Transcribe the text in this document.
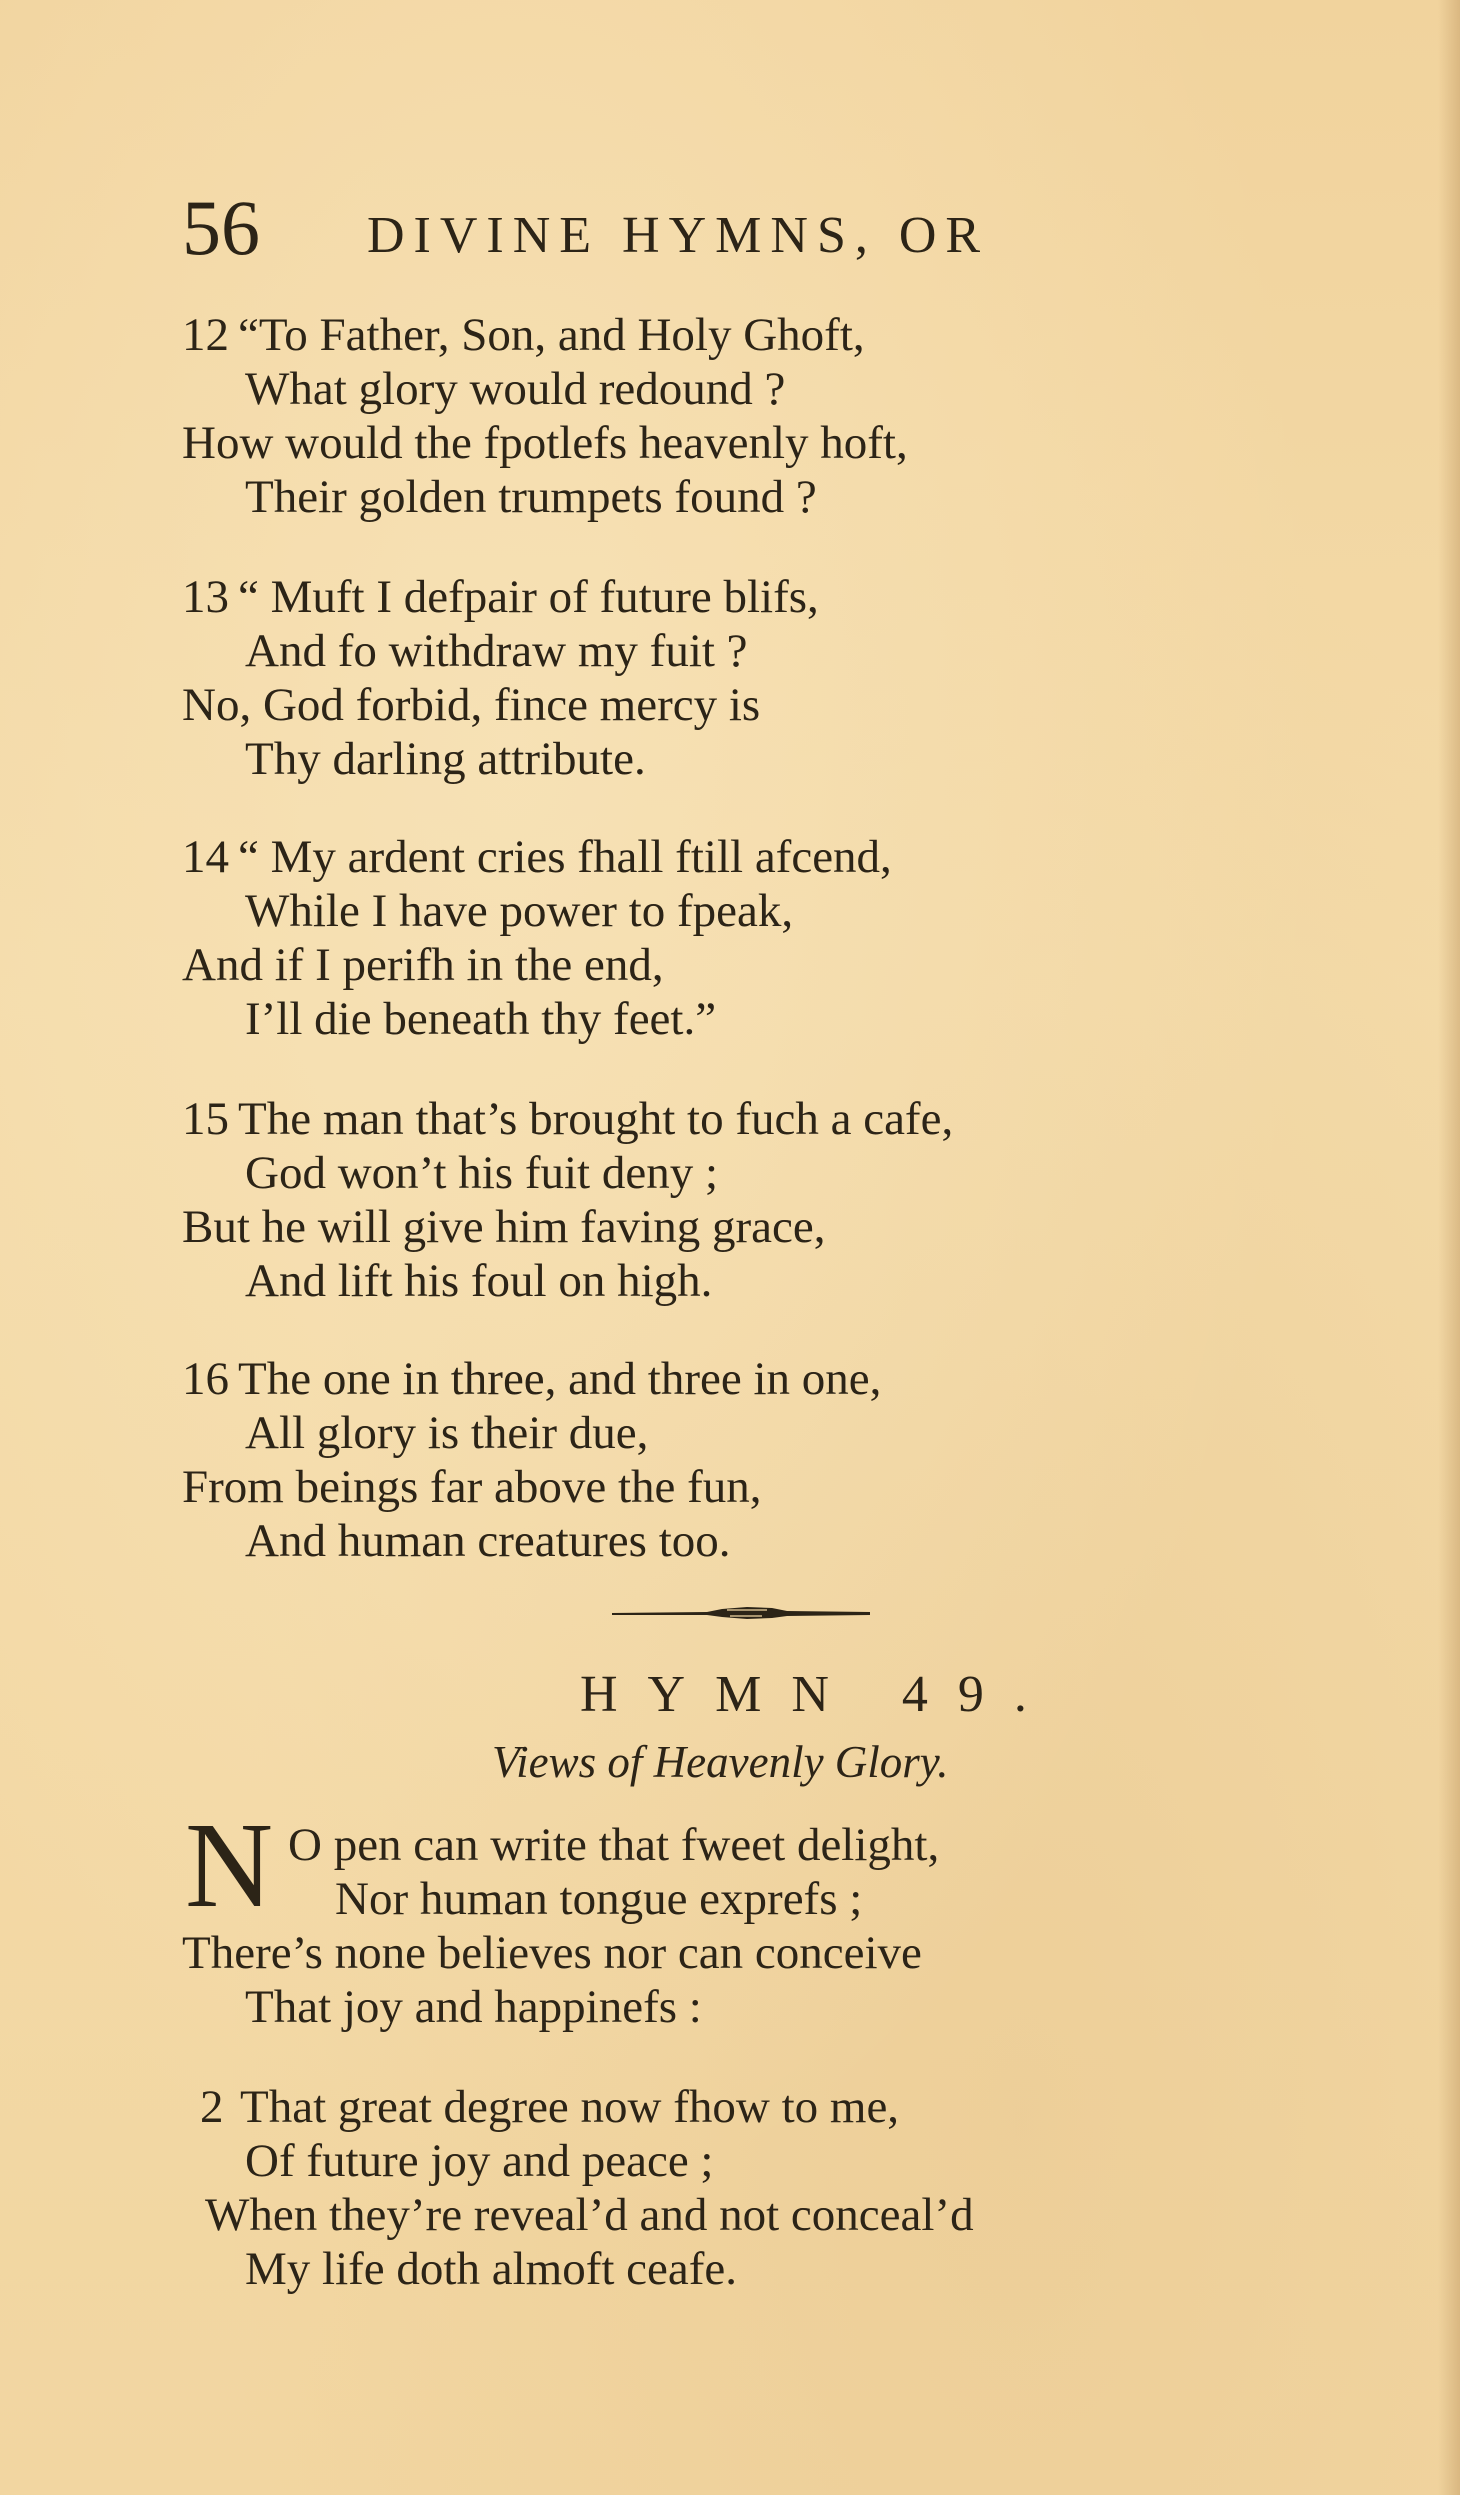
56 DIVINE HYMNS, OR
12 “To Father, Son, and Holy Ghoft,
What glory would redound ?
How would the fpotlefs heavenly hoft,
Their golden trumpets found ?
13 “ Muft I defpair of future blifs,
And fo withdraw my fuit ?
No, God forbid, fince mercy is
Thy darling attribute.
14 “ My ardent cries fhall ftill afcend,
While I have power to fpeak,
And if I perifh in the end,
I’ll die beneath thy feet.”
15 The man that’s brought to fuch a cafe,
God won’t his fuit deny ;
But he will give him faving grace,
And lift his foul on high.
16 The one in three, and three in one,
All glory is their due,
From beings far above the fun,
And human creatures too.
HYMN 49.
Views of Heavenly Glory.
N O pen can write that fweet delight,
Nor human tongue exprefs ;
There’s none believes nor can conceive
That joy and happinefs :
2 That great degree now fhow to me,
Of future joy and peace ;
When they’re reveal’d and not conceal’d
My life doth almoft ceafe.
